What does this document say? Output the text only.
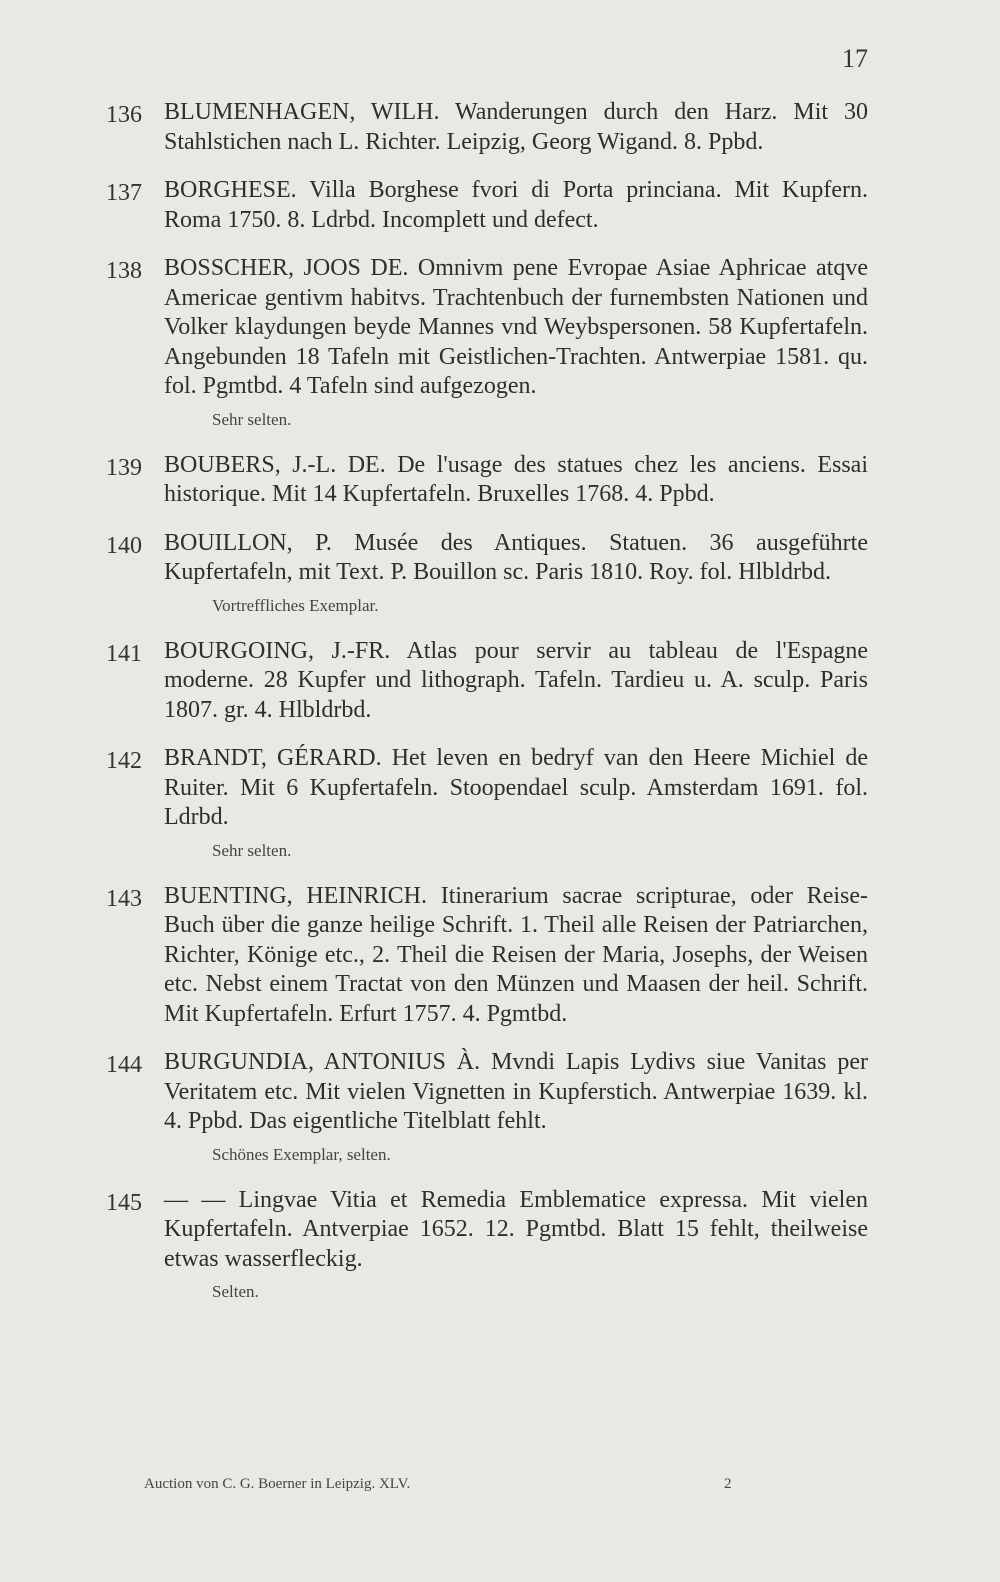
17
136 BLUMENHAGEN, WILH. Wanderungen durch den Harz. Mit 30 Stahlstichen nach L. Richter. Leipzig, Georg Wigand. 8. Ppbd.
137 BORGHESE. Villa Borghese fvori di Porta princiana. Mit Kupfern. Roma 1750. 8. Ldrbd. Incomplett und defect.
138 BOSSCHER, JOOS DE. Omnivm pene Evropae Asiae Aphricae atqve Americae gentivm habitvs. Trachtenbuch der furnembsten Nationen und Volker klaydungen beyde Mannes vnd Weybspersonen. 58 Kupfertafeln. Angebunden 18 Tafeln mit Geistlichen-Trachten. Antwerpiae 1581. qu. fol. Pgmtbd. 4 Tafeln sind aufgezogen.
Sehr selten.
139 BOUBERS, J.-L. DE. De l'usage des statues chez les anciens. Essai historique. Mit 14 Kupfertafeln. Bruxelles 1768. 4. Ppbd.
140 BOUILLON, P. Musée des Antiques. Statuen. 36 ausgeführte Kupfertafeln, mit Text. P. Bouillon sc. Paris 1810. Roy. fol. Hlbldrbd.
Vortreffliches Exemplar.
141 BOURGOING, J.-FR. Atlas pour servir au tableau de l'Espagne moderne. 28 Kupfer und lithograph. Tafeln. Tardieu u. A. sculp. Paris 1807. gr. 4. Hlbldrbd.
142 BRANDT, GÉRARD. Het leven en bedryf van den Heere Michiel de Ruiter. Mit 6 Kupfertafeln. Stoopendael sculp. Amsterdam 1691. fol. Ldrbd.
Sehr selten.
143 BUENTING, HEINRICH. Itinerarium sacrae scripturae, oder Reise-Buch über die ganze heilige Schrift. 1. Theil alle Reisen der Patriarchen, Richter, Könige etc., 2. Theil die Reisen der Maria, Josephs, der Weisen etc. Nebst einem Tractat von den Münzen und Maasen der heil. Schrift. Mit Kupfertafeln. Erfurt 1757. 4. Pgmtbd.
144 BURGUNDIA, ANTONIUS À. Mvndi Lapis Lydivs siue Vanitas per Veritatem etc. Mit vielen Vignetten in Kupferstich. Antwerpiae 1639. kl. 4. Ppbd. Das eigentliche Titelblatt fehlt.
Schönes Exemplar, selten.
145 — — Lingvae Vitia et Remedia Emblematice expressa. Mit vielen Kupfertafeln. Antverpiae 1652. 12. Pgmtbd. Blatt 15 fehlt, theilweise etwas wasserfleckig.
Selten.
Auction von C. G. Boerner in Leipzig. XLV.	2
